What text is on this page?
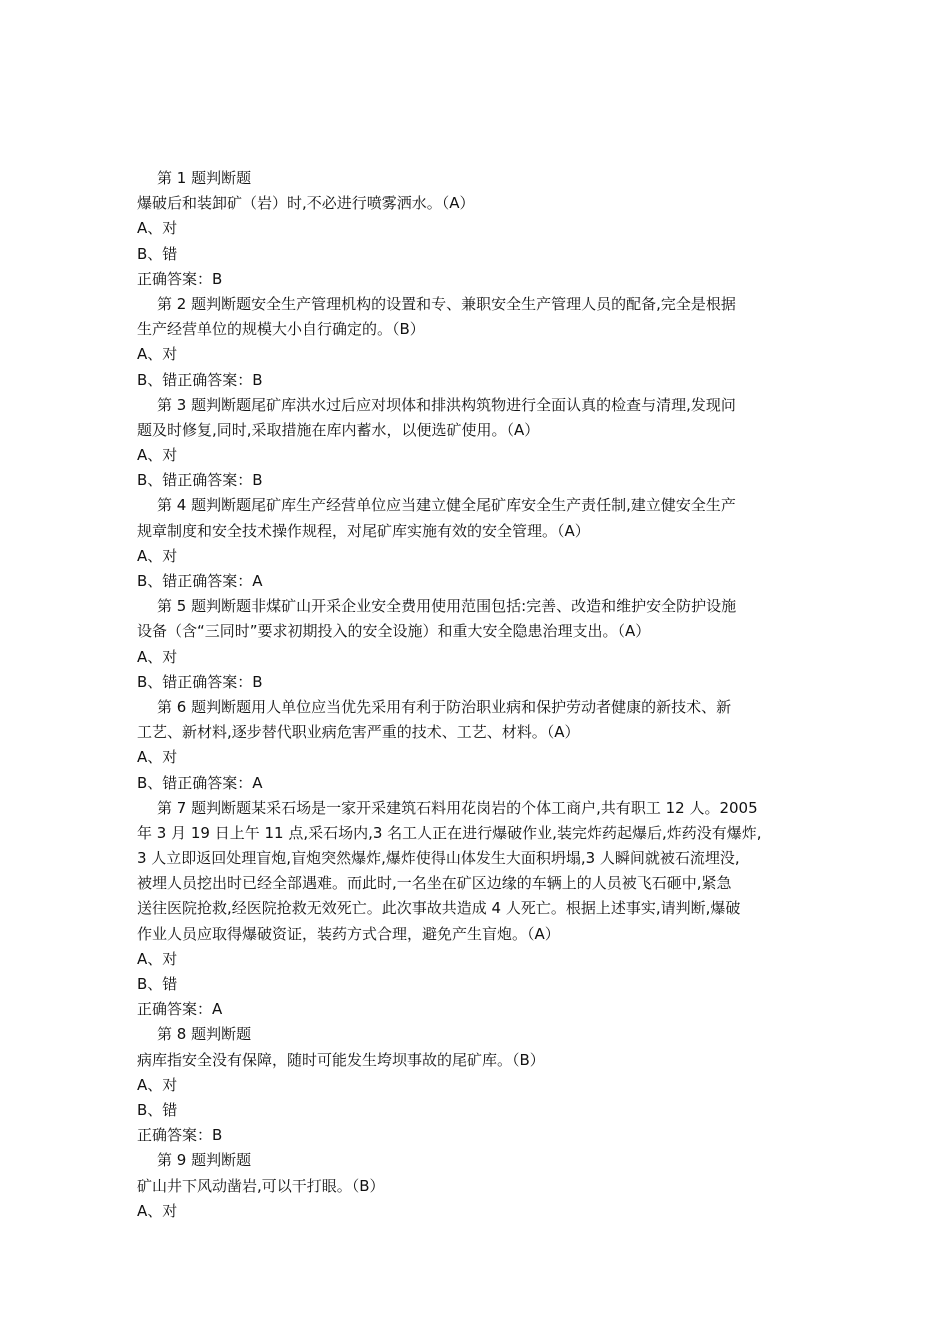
第 1 题判断题
爆破后和装卸矿（岩）时,不必进行喷雾洒水。（A）
A、对
B、错
正确答案：B
第 2 题判断题安全生产管理机构的设置和专、兼职安全生产管理人员的配备,完全是根据
生产经营单位的规模大小自行确定的。（B）
A、对
B、错正确答案：B
第 3 题判断题尾矿库洪水过后应对坝体和排洪构筑物进行全面认真的检查与清理,发现问
题及时修复,同时,采取措施在库内蓄水，以便选矿使用。（A）
A、对
B、错正确答案：B
第 4 题判断题尾矿库生产经营单位应当建立健全尾矿库安全生产责任制,建立健安全生产
规章制度和安全技术操作规程，对尾矿库实施有效的安全管理。（A）
A、对
B、错正确答案：A
第 5 题判断题非煤矿山开采企业安全费用使用范围包括:完善、改造和维护安全防护设施
设备（含“三同时”要求初期投入的安全设施）和重大安全隐患治理支出。（A）
A、对
B、错正确答案：B
第 6 题判断题用人单位应当优先采用有利于防治职业病和保护劳动者健康的新技术、新
工艺、新材料,逐步替代职业病危害严重的技术、工艺、材料。（A）
A、对
B、错正确答案：A
第 7 题判断题某采石场是一家开采建筑石料用花岗岩的个体工商户,共有职工 12 人。2005
年 3 月 19 日上午 11 点,采石场内,3 名工人正在进行爆破作业,装完炸药起爆后,炸药没有爆炸,
3 人立即返回处理盲炮,盲炮突然爆炸,爆炸使得山体发生大面积坍塌,3 人瞬间就被石流埋没,
被埋人员挖出时已经全部遇难。而此时,一名坐在矿区边缘的车辆上的人员被飞石砸中,紧急
送往医院抢救,经医院抢救无效死亡。此次事故共造成 4 人死亡。根据上述事实,请判断,爆破
作业人员应取得爆破资证，装药方式合理，避免产生盲炮。（A）
A、对
B、错
正确答案：A
第 8 题判断题
病库指安全没有保障，随时可能发生垮坝事故的尾矿库。（B）
A、对
B、错
正确答案：B
第 9 题判断题
矿山井下风动凿岩,可以干打眼。（B）
A、对
